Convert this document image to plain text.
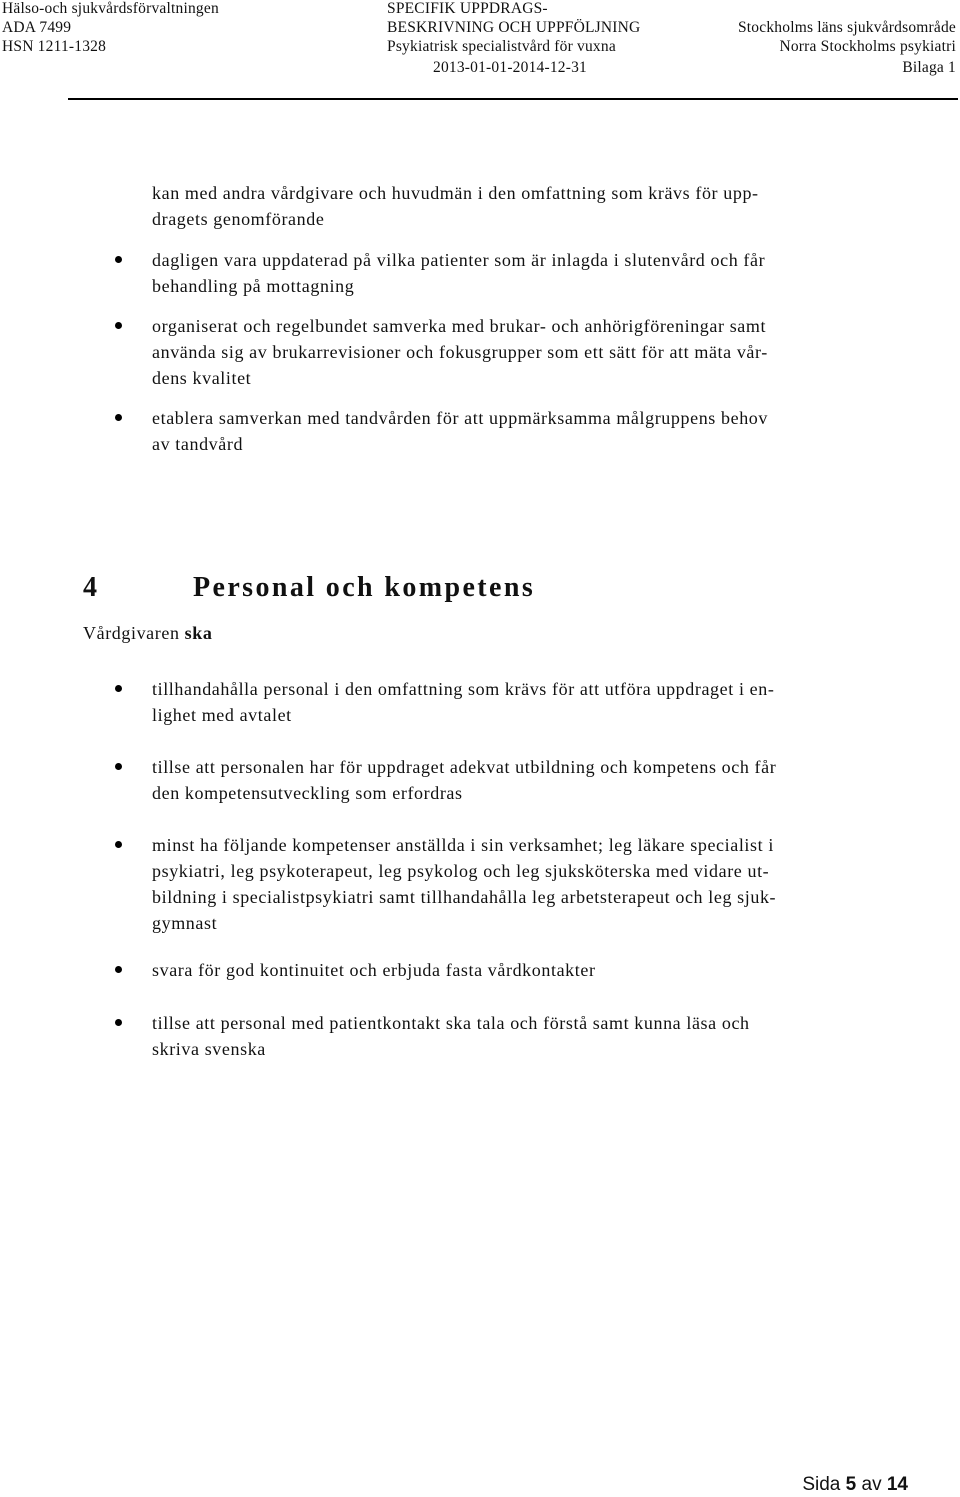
Hälso-och sjukvårdsförvaltningen
ADA 7499
HSN 1211-1328
SPECIFIK UPPDRAGS-
BESKRIVNING OCH UPPFÖLJNING
Psykiatrisk specialistvård för vuxna
2013-01-01-2014-12-31
Stockholms läns sjukvårdsområde
Norra Stockholms psykiatri
Bilaga 1
kan med andra vårdgivare och huvudmän i den omfattning som krävs för upp-
dragets genomförande
dagligen vara uppdaterad på vilka patienter som är inlagda i slutenvård och får
behandling på mottagning
organiserat och regelbundet samverka med brukar- och anhörigföreningar samt
använda sig av brukarrevisioner och fokusgrupper som ett sätt för att mäta vår-
dens kvalitet
etablera samverkan med tandvården för att uppmärksamma målgruppens behov
av tandvård
4	Personal och kompetens
Vårdgivaren ska
tillhandahålla personal i den omfattning som krävs för att utföra uppdraget i en-
lighet med avtalet
tillse att personalen har för uppdraget adekvat utbildning och kompetens och får
den kompetensutveckling som erfordras
minst ha följande kompetenser anställda i sin verksamhet; leg läkare specialist i
psykiatri, leg psykoterapeut, leg psykolog och leg sjuksköterska med vidare ut-
bildning i specialistpsykiatri samt tillhandahålla leg arbetsterapeut och leg sjuk-
gymnast
svara för god kontinuitet och erbjuda fasta vårdkontakter
tillse att personal med patientkontakt ska tala och förstå samt kunna läsa och
skriva svenska
Sida 5 av 14
